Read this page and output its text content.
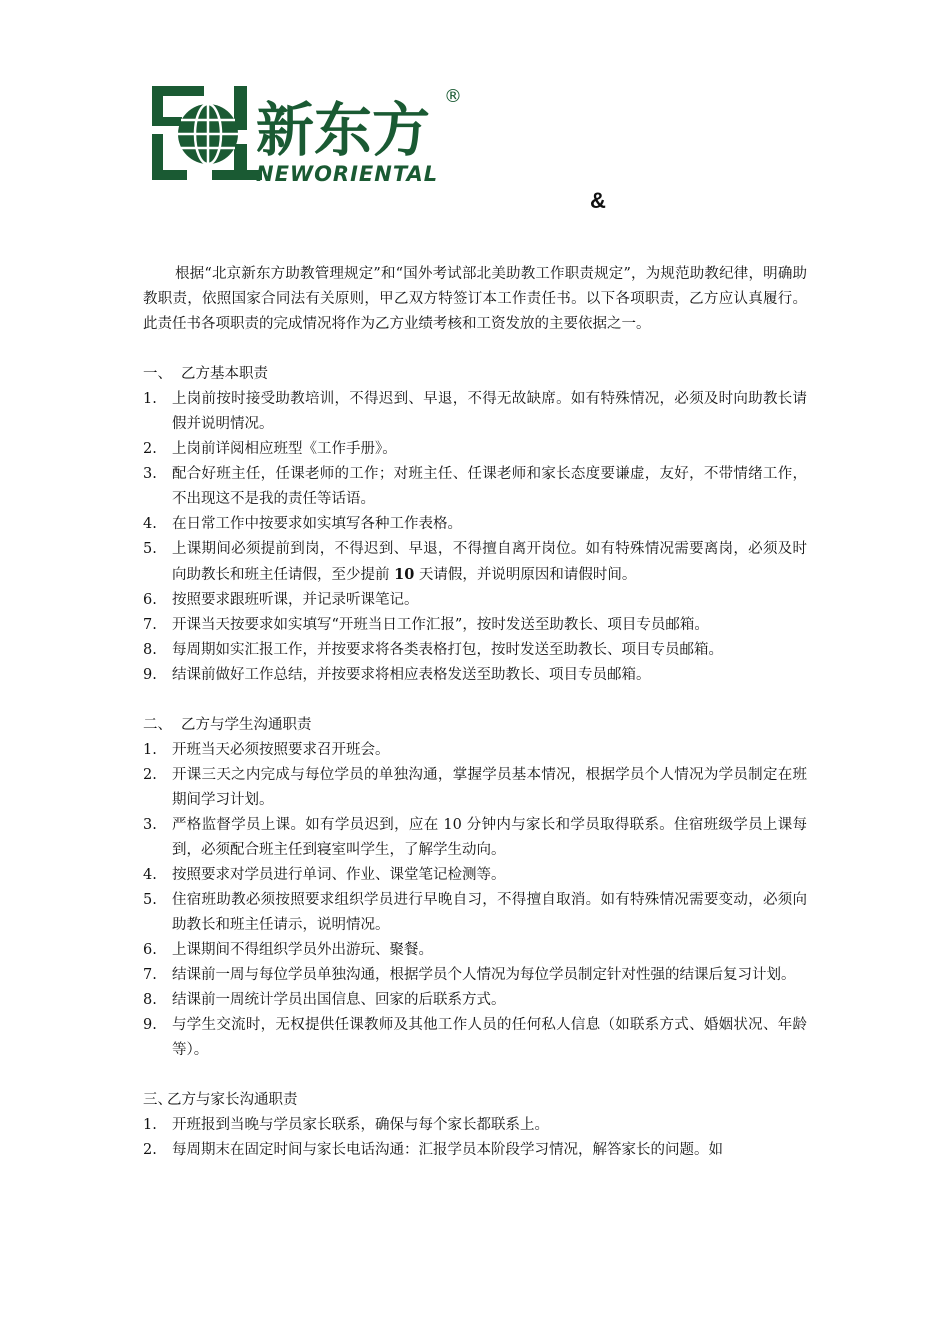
新东方
NEWORIENTAL
®
&

根据“北京新东方助教管理规定”和“国外考试部北美助教工作职责规定”，为规范助教纪律，明确助教职责，依照国家合同法有关原则，甲乙双方特签订本工作责任书。以下各项职责，乙方应认真履行。此责任书各项职责的完成情况将作为乙方业绩考核和工资发放的主要依据之一。

一、 乙方基本职责
1. 上岗前按时接受助教培训，不得迟到、早退，不得无故缺席。如有特殊情况，必须及时向助教长请假并说明情况。
2. 上岗前详阅相应班型《工作手册》。
3. 配合好班主任，任课老师的工作；对班主任、任课老师和家长态度要谦虚，友好，不带情绪工作，不出现这不是我的责任等话语。
4. 在日常工作中按要求如实填写各种工作表格。
5. 上课期间必须提前到岗，不得迟到、早退，不得擅自离开岗位。如有特殊情况需要离岗，必须及时向助教长和班主任请假，至少提前 10 天请假，并说明原因和请假时间。
6. 按照要求跟班听课，并记录听课笔记。
7. 开课当天按要求如实填写“开班当日工作汇报”，按时发送至助教长、项目专员邮箱。
8. 每周期如实汇报工作，并按要求将各类表格打包，按时发送至助教长、项目专员邮箱。
9. 结课前做好工作总结，并按要求将相应表格发送至助教长、项目专员邮箱。
二、 乙方与学生沟通职责
1. 开班当天必须按照要求召开班会。
2. 开课三天之内完成与每位学员的单独沟通，掌握学员基本情况，根据学员个人情况为学员制定在班期间学习计划。
3. 严格监督学员上课。如有学员迟到，应在 10 分钟内与家长和学员取得联系。住宿班级学员上课每到，必须配合班主任到寝室叫学生，了解学生动向。
4. 按照要求对学员进行单词、作业、课堂笔记检测等。
5. 住宿班助教必须按照要求组织学员进行早晚自习，不得擅自取消。如有特殊情况需要变动，必须向助教长和班主任请示，说明情况。
6. 上课期间不得组织学员外出游玩、聚餐。
7. 结课前一周与每位学员单独沟通，根据学员个人情况为每位学员制定针对性强的结课后复习计划。
8. 结课前一周统计学员出国信息、回家的后联系方式。
9. 与学生交流时，无权提供任课教师及其他工作人员的任何私人信息（如联系方式、婚姻状况、年龄等）。
三、乙方与家长沟通职责
1. 开班报到当晚与学员家长联系，确保与每个家长都联系上。
2. 每周期末在固定时间与家长电话沟通：汇报学员本阶段学习情况，解答家长的问题。如
